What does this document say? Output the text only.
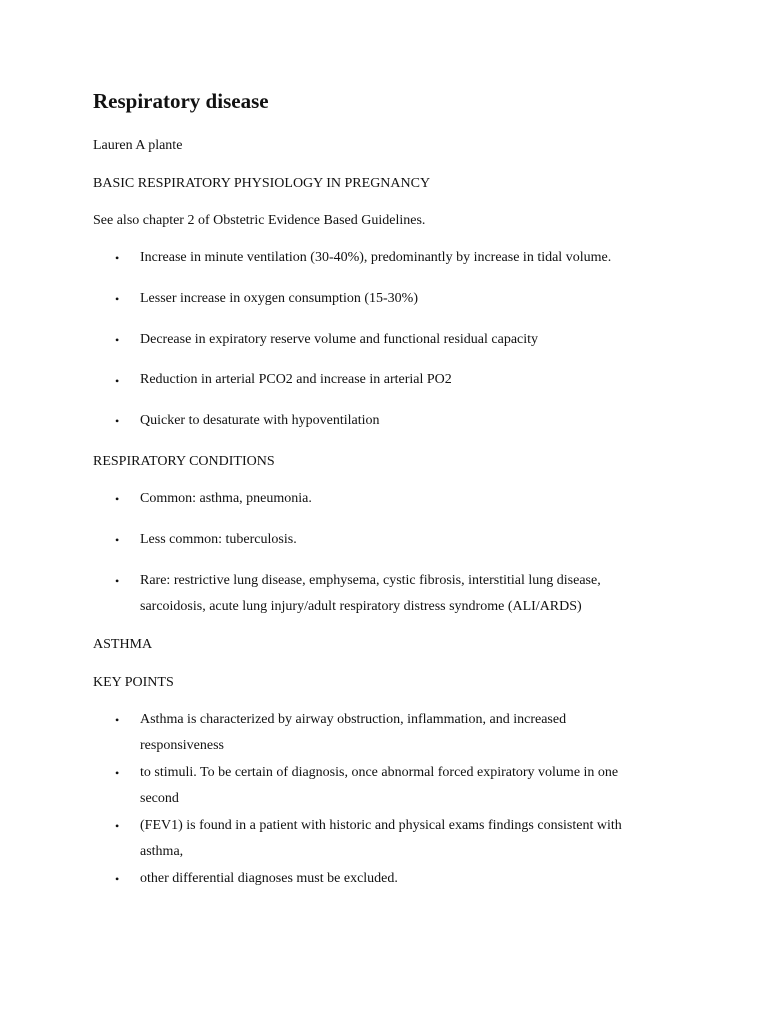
Respiratory disease
Lauren A plante
BASIC RESPIRATORY PHYSIOLOGY IN PREGNANCY
See also chapter 2 of Obstetric Evidence Based Guidelines.
• Increase in minute ventilation (30-40%), predominantly by increase in tidal volume.
• Lesser increase in oxygen consumption (15-30%)
• Decrease in expiratory reserve volume and functional residual capacity
• Reduction in arterial PCO2 and increase in arterial PO2
• Quicker to desaturate with hypoventilation
RESPIRATORY CONDITIONS
• Common: asthma, pneumonia.
• Less common: tuberculosis.
• Rare: restrictive lung disease, emphysema, cystic fibrosis, interstitial lung disease,
sarcoidosis, acute lung injury/adult respiratory distress syndrome (ALI/ARDS)
ASTHMA
KEY POINTS
• Asthma is characterized by airway obstruction, inflammation, and increased
responsiveness
• to stimuli. To be certain of diagnosis, once abnormal forced expiratory volume in one
second
• (FEV1) is found in a patient with historic and physical exams findings consistent with
asthma,
• other differential diagnoses must be excluded.
